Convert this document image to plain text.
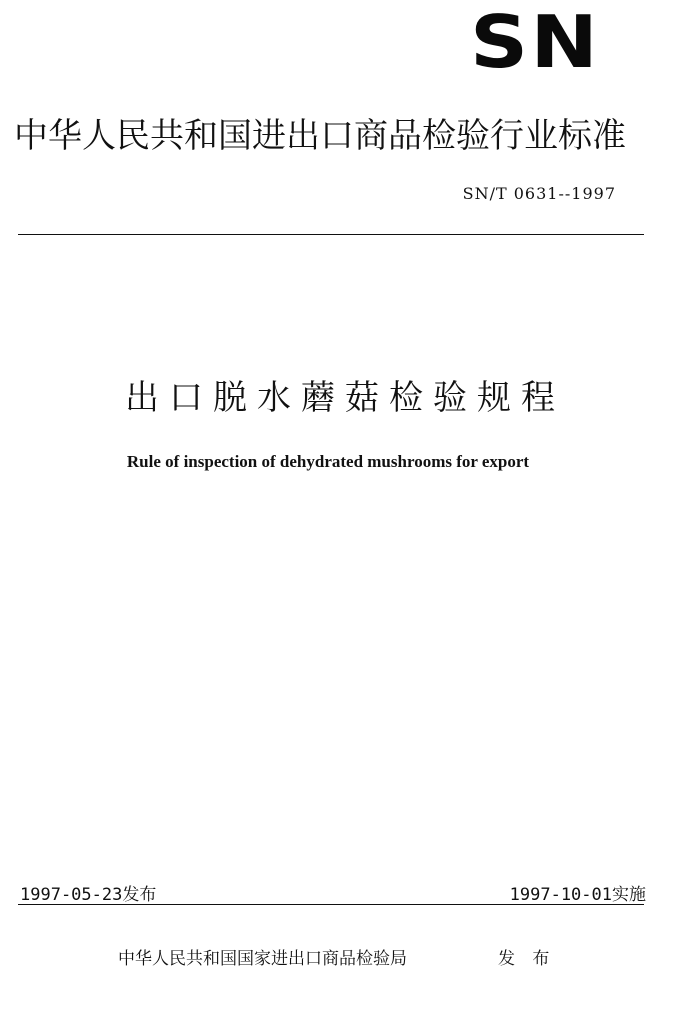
SN
中华人民共和国进出口商品检验行业标准
SN/T 0631--1997
出口脱水蘑菇检验规程
Rule of inspection of dehydrated mushrooms for export
1997-05-23发布	1997-10-01实施
中华人民共和国国家进出口商品检验局	发 布
